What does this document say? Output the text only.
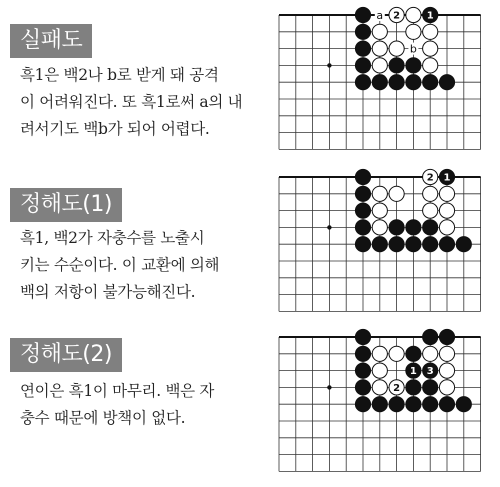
실패도
흑1은 백2나 b로 받게 돼 공격
이 어려워진다. 또 흑1로써 a의 내
려서기도 백b가 되어 어렵다.
a
b
2	1
정해도(1)
흑1, 백2가 자충수를 노출시
키는 수순이다. 이 교환에 의해
백의 저항이 불가능해진다.
2 1
정해도(2)
연이은 흑1이 마무리. 백은 자
충수 때문에 방책이 없다.
1 3
2
